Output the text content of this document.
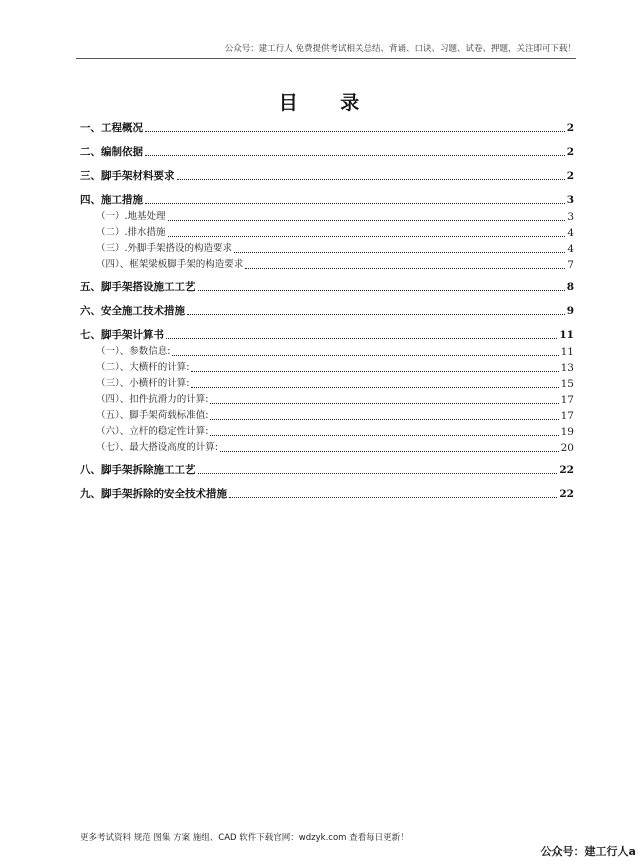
公众号：建工行人 免费提供考试相关总结、背诵、口诀、习题、试卷、押题，关注即可下载！
目 录
一、工程概况	2
二、编制依据	2
三、脚手架材料要求	2
四、施工措施	3
（一）.地基处理	3
（二）.排水措施	4
（三）.外脚手架搭设的构造要求	4
（四）、框架梁板脚手架的构造要求	7
五、脚手架搭设施工工艺	8
六、安全施工技术措施	9
七、脚手架计算书	11
（一）、参数信息:	11
（二）、大横杆的计算:	13
（三）、小横杆的计算:	15
（四）、扣件抗滑力的计算:	17
（五）、脚手架荷载标准值:	17
（六）、立杆的稳定性计算:	19
（七）、最大搭设高度的计算:	20
八、脚手架拆除施工工艺	22
九、脚手架拆除的安全技术措施	22
更多考试资料 规范 图集 方案 施组、CAD 软件下载官网：wdzyk.com 查看每日更新！
公众号：建工行人a
